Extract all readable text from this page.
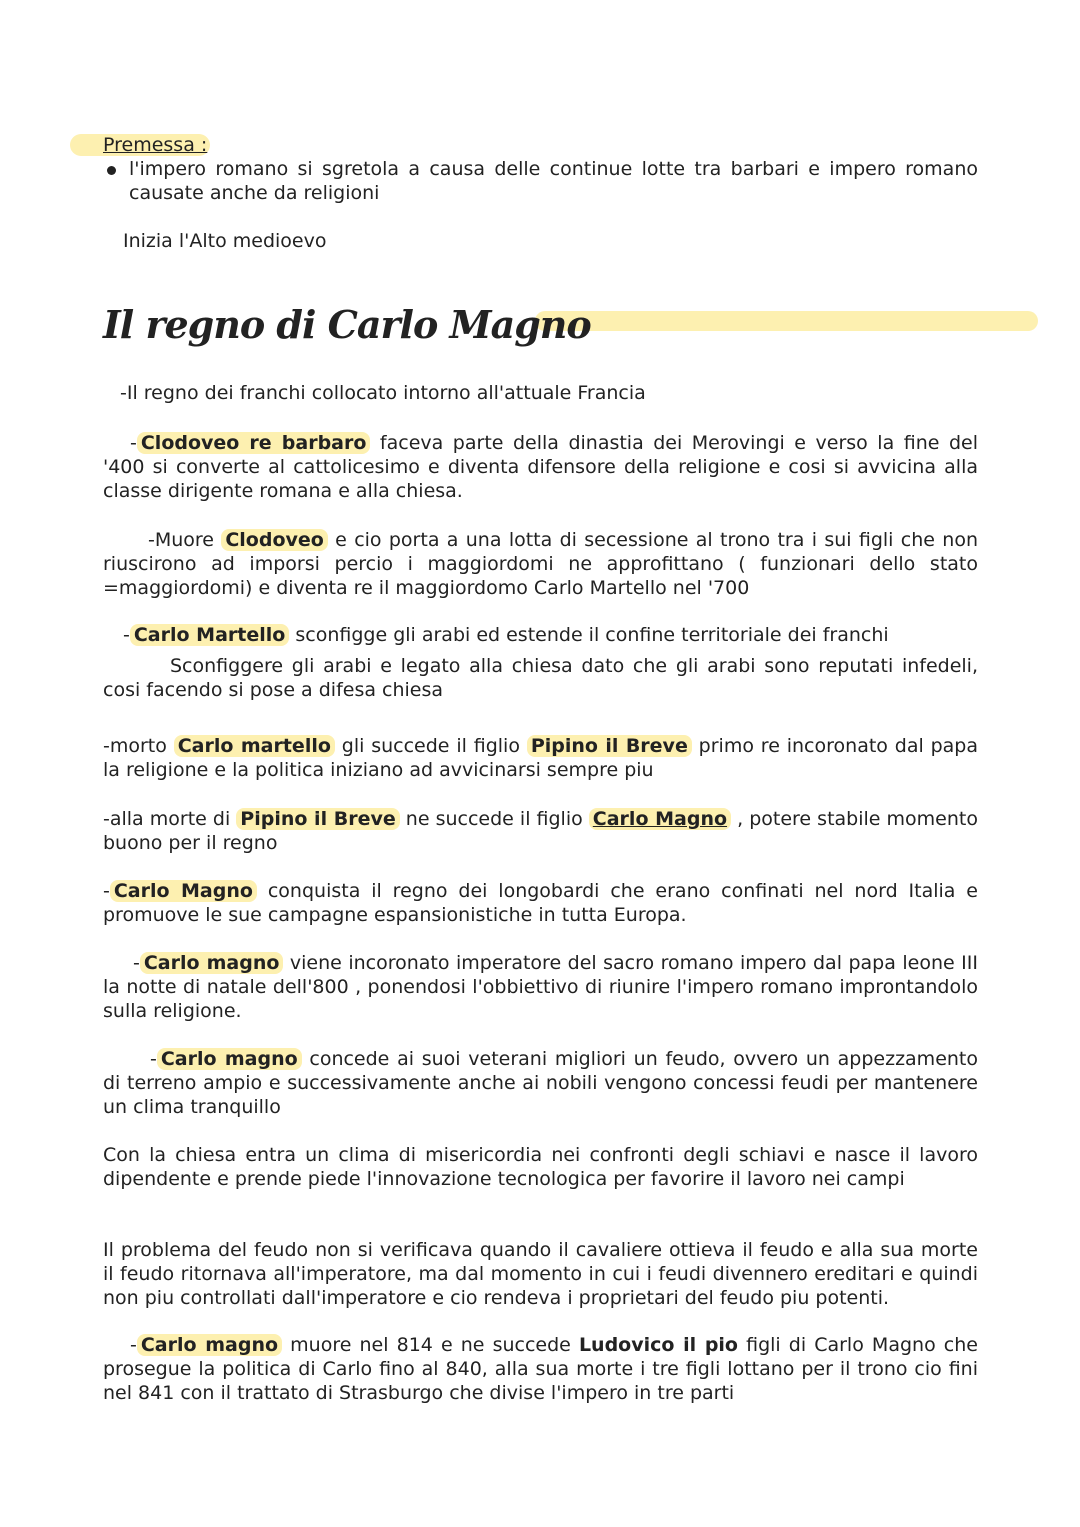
Premessa :
l'impero romano si sgretola a causa delle continue lotte tra barbari e impero romano causate anche da religioni
Inizia l'Alto medioevo
Il regno di Carlo Magno
-Il regno dei franchi collocato intorno all'attuale Francia
- Clodoveo re barbaro faceva parte della dinastia dei Merovingi e verso la fine del '400 si converte al cattolicesimo e diventa difensore della religione e cosi si avvicina alla classe dirigente romana e alla chiesa.
-Muore Clodoveo e cio porta a una lotta di secessione al trono tra i sui figli che non riuscirono ad imporsi percio i maggiordomi ne approfittano ( funzionari dello stato =maggiordomi) e diventa re il maggiordomo Carlo Martello nel '700
- Carlo Martello sconfigge gli arabi ed estende il confine territoriale dei franchi
Sconfiggere gli arabi e legato alla chiesa dato che gli arabi sono reputati infedeli, cosi facendo si pose a difesa chiesa
-morto Carlo martello gli succede il figlio Pipino il Breve primo re incoronato dal papa la religione e la politica iniziano ad avvicinarsi sempre piu
-alla morte di Pipino il Breve ne succede il figlio Carlo Magno , potere stabile momento buono per il regno
- Carlo Magno conquista il regno dei longobardi che erano confinati nel nord Italia e promuove le sue campagne espansionistiche in tutta Europa.
- Carlo magno viene incoronato imperatore del sacro romano impero dal papa leone III la notte di natale dell'800 , ponendosi l'obbiettivo di riunire l'impero romano improntandolo sulla religione.
- Carlo magno concede ai suoi veterani migliori un feudo, ovvero un appezzamento di terreno ampio e successivamente anche ai nobili vengono concessi feudi per mantenere un clima tranquillo
Con la chiesa entra un clima di misericordia nei confronti degli schiavi e nasce il lavoro dipendente e prende piede l'innovazione tecnologica per favorire il lavoro nei campi
Il problema del feudo non si verificava quando il cavaliere ottieva il feudo e alla sua morte il feudo ritornava all'imperatore, ma dal momento in cui i feudi divennero ereditari e quindi non piu controllati dall'imperatore e cio rendeva i proprietari del feudo piu potenti.
- Carlo magno muore nel 814 e ne succede Ludovico il pio figli di Carlo Magno che prosegue la politica di Carlo fino al 840, alla sua morte i tre figli lottano per il trono cio fini nel 841 con il trattato di Strasburgo che divise l'impero in tre parti
